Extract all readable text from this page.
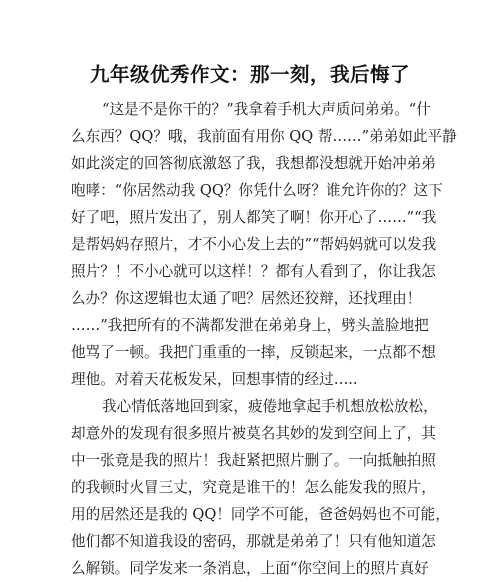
九年级优秀作文：那一刻，我后悔了
“这是不是你干的？”我拿着手机大声质问弟弟。“什
么东西？QQ？哦，我前面有用你 QQ 帮……”弟弟如此平静
如此淡定的回答彻底激怒了我，我想都没想就开始冲弟弟
咆哮：“你居然动我 QQ？你凭什么呀？谁允许你的？这下
好了吧，照片发出了，别人都笑了啊！你开心了……”“我
是帮妈妈存照片，才不小心发上去的”“帮妈妈就可以发我
照片？！不小心就可以这样！？都有人看到了，你让我怎
么办？你这逻辑也太通了吧？居然还狡辩，还找理由！
……”我把所有的不满都发泄在弟弟身上，劈头盖脸地把
他骂了一顿。我把门重重的一摔，反锁起来，一点都不想
理他。对着天花板发呆，回想事情的经过…..
我心情低落地回到家，疲倦地拿起手机想放松放松，
却意外的发现有很多照片被莫名其妙的发到空间上了，其
中一张竟是我的照片！我赶紧把照片删了。一向抵触拍照
的我顿时火冒三丈，究竟是谁干的！怎么能发我的照片，
用的居然还是我的 QQ！同学不可能，爸爸妈妈也不可能，
他们都不知道我设的密码，那就是弟弟了！只有他知道怎
么解锁。同学发来一条消息，上面“你空间上的照片真好
